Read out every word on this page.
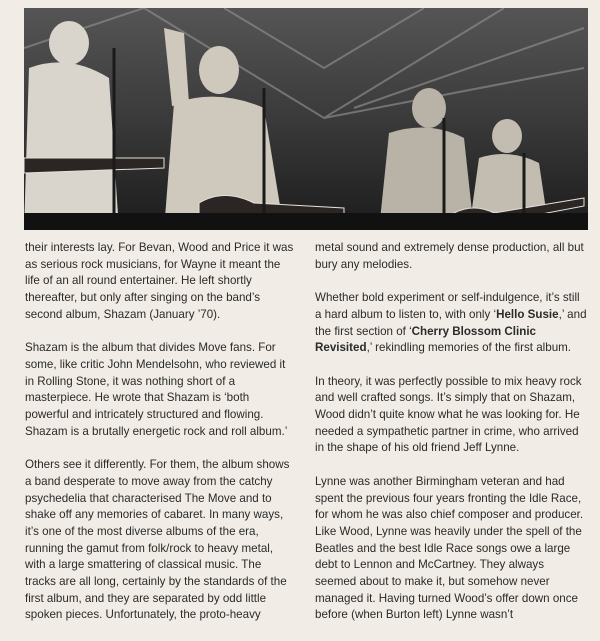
their interests lay. For Bevan, Wood and Price it was as serious rock musicians, for Wayne it meant the life of an all round entertainer. He left shortly thereafter, but only after singing on the band’s second album, Shazam (January ’70).

Shazam is the album that divides Move fans. For some, like critic John Mendelsohn, who reviewed it in Rolling Stone, it was nothing short of a masterpiece. He wrote that Shazam is ‘both powerful and intricately structured and flowing. Shazam is a brutally energetic rock and roll album.’

Others see it differently. For them, the album shows a band desperate to move away from the catchy psychedelia that characterised The Move and to shake off any memories of cabaret. In many ways, it’s one of the most diverse albums of the era, running the gamut from folk/rock to heavy metal, with a large smattering of classical music. The tracks are all long, certainly by the standards of the first album, and they are separated by odd little spoken pieces. Unfortunately, the proto-heavy

metal sound and extremely dense production, all but bury any melodies.

Whether bold experiment or self-indulgence, it’s still a hard album to listen to, with only ‘Hello Susie,’ and the first section of ‘Cherry Blossom Clinic Revisited,’ rekindling memories of the first album.

In theory, it was perfectly possible to mix heavy rock and well crafted songs. It’s simply that on Shazam, Wood didn’t quite know what he was looking for. He needed a sympathetic partner in crime, who arrived in the shape of his old friend Jeff Lynne.

Lynne was another Birmingham veteran and had spent the previous four years fronting the Idle Race, for whom he was also chief composer and producer. Like Wood, Lynne was heavily under the spell of the Beatles and the best Idle Race songs owe a large debt to Lennon and McCartney. They always seemed about to make it, but somehow never managed it. Having turned Wood’s offer down once before (when Burton left) Lynne wasn’t
